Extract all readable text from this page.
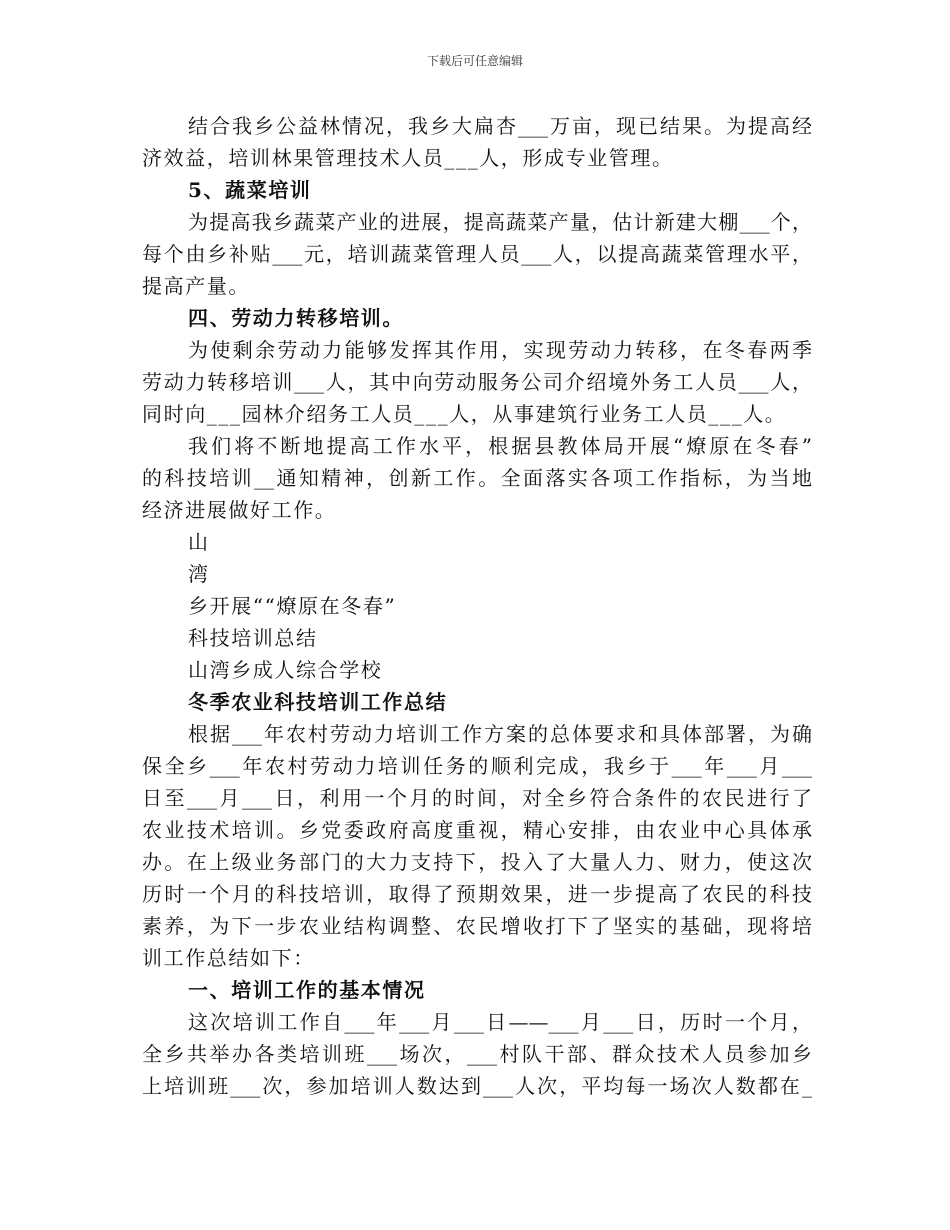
下载后可任意编辑
结合我乡公益林情况，我乡大扁杏___万亩，现已结果。为提高经
济效益，培训林果管理技术人员___人，形成专业管理。
5、蔬菜培训
为提高我乡蔬菜产业的进展，提高蔬菜产量，估计新建大棚___个，
每个由乡补贴___元，培训蔬菜管理人员___人，以提高蔬菜管理水平，
提高产量。
四、劳动力转移培训。
为使剩余劳动力能够发挥其作用，实现劳动力转移，在冬春两季
劳动力转移培训___人，其中向劳动服务公司介绍境外务工人员___人，
同时向___园林介绍务工人员___人，从事建筑行业务工人员___人。
我们将不断地提高工作水平，根据县教体局开展“燎原在冬春”
的科技培训__通知精神，创新工作。全面落实各项工作指标，为当地
经济进展做好工作。
山
湾
乡开展““燎原在冬春”
科技培训总结
山湾乡成人综合学校
冬季农业科技培训工作总结
根据___年农村劳动力培训工作方案的总体要求和具体部署，为确
保全乡___年农村劳动力培训任务的顺利完成，我乡于___年___月___
日至___月___日，利用一个月的时间，对全乡符合条件的农民进行了
农业技术培训。乡党委政府高度重视，精心安排，由农业中心具体承
办。在上级业务部门的大力支持下，投入了大量人力、财力，使这次
历时一个月的科技培训，取得了预期效果，进一步提高了农民的科技
素养，为下一步农业结构调整、农民增收打下了坚实的基础，现将培
训工作总结如下：
一、培训工作的基本情况
这次培训工作自___年___月___日——___月___日，历时一个月，
全乡共举办各类培训班___场次，___村队干部、群众技术人员参加乡
上培训班___次，参加培训人数达到___人次，平均每一场次人数都在_
